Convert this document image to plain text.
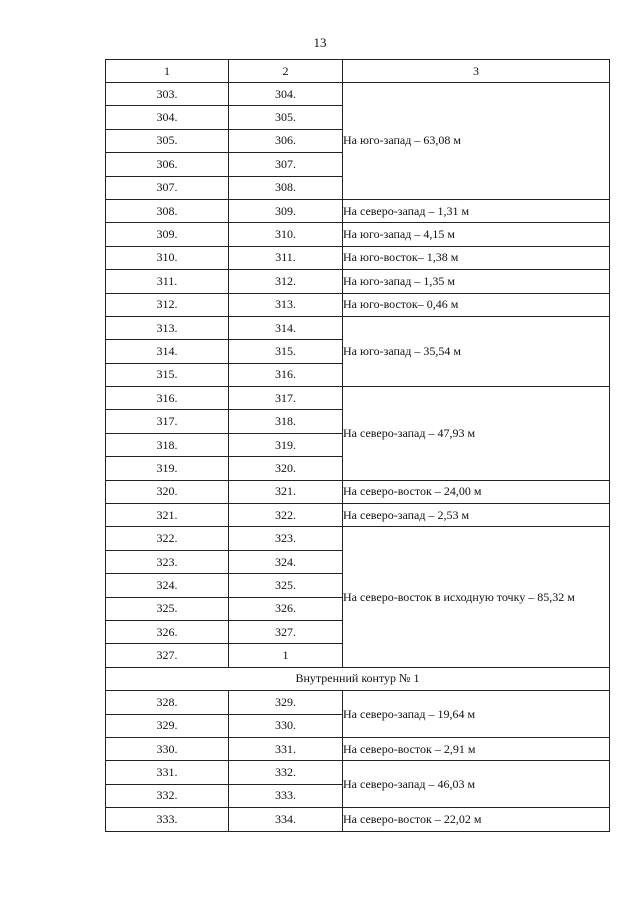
13
1	2	3
303.	304.	На юго-запад – 63,08 м
304.	305.	
305.	306.	
306.	307.	
307.	308.	
308.	309.	На северо-запад – 1,31 м
309.	310.	На юго-запад – 4,15 м
310.	311.	На юго-восток– 1,38 м
311.	312.	На юго-запад – 1,35 м
312.	313.	На юго-восток– 0,46 м
313.	314.	На юго-запад – 35,54 м
314.	315.	
315.	316.	
316.	317.	На северо-запад – 47,93 м
317.	318.	
318.	319.	
319.	320.	
320.	321.	На северо-восток – 24,00 м
321.	322.	На северо-запад – 2,53 м
322.	323.	На северо-восток в исходную точку – 85,32 м
323.	324.	
324.	325.	
325.	326.	
326.	327.	
327.	1	
Внутренний контур № 1		
328.	329.	На северо-запад – 19,64 м
329.	330.	
330.	331.	На северо-восток – 2,91 м
331.	332.	На северо-запад – 46,03 м
332.	333.	
333.	334.	На северо-восток – 22,02 м
